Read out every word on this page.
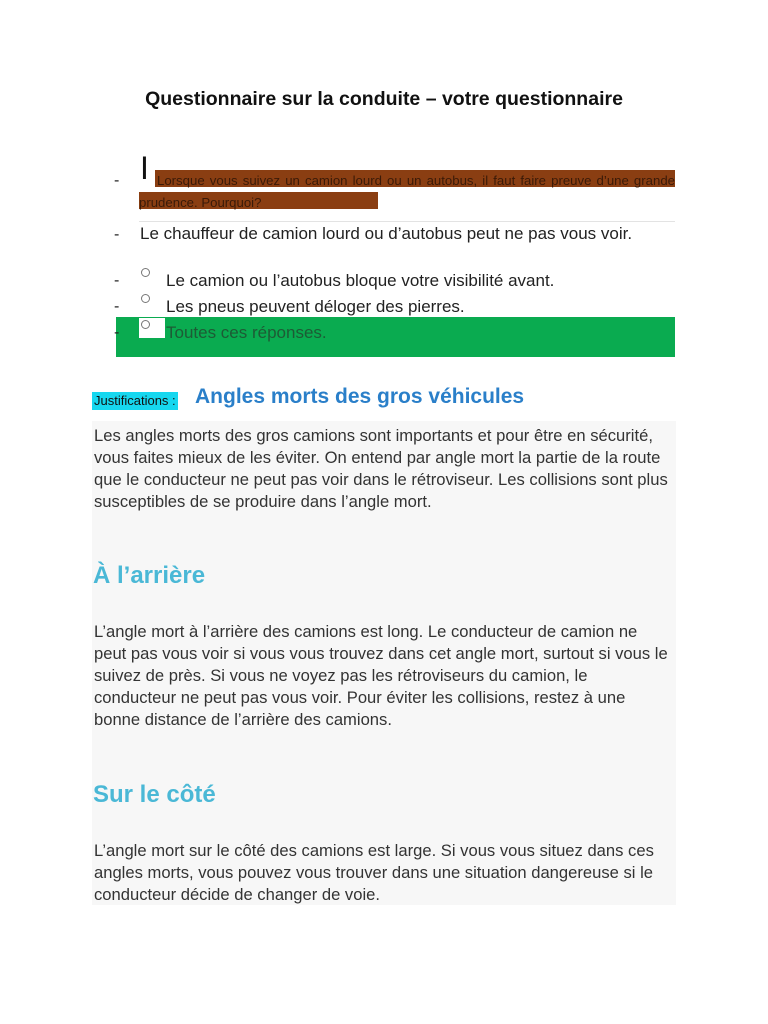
Questionnaire sur la conduite – votre questionnaire
- I Lorsque vous suivez un camion lourd ou un autobus, il faut faire preuve d’une grande prudence. Pourquoi?
- Le chauffeur de camion lourd ou d’autobus peut ne pas vous voir.
-	Le camion ou l’autobus bloque votre visibilité avant.
-	Les pneus peuvent déloger des pierres.
-	Toutes ces réponses.
Justifications : Angles morts des gros véhicules
Les angles morts des gros camions sont importants et pour être en sécurité, vous faites mieux de les éviter. On entend par angle mort la partie de la route que le conducteur ne peut pas voir dans le rétroviseur. Les collisions sont plus susceptibles de se produire dans l’angle mort.
À l’arrière
L’angle mort à l’arrière des camions est long. Le conducteur de camion ne peut pas vous voir si vous vous trouvez dans cet angle mort, surtout si vous le suivez de près. Si vous ne voyez pas les rétroviseurs du camion, le conducteur ne peut pas vous voir. Pour éviter les collisions, restez à une bonne distance de l’arrière des camions.
Sur le côté
L’angle mort sur le côté des camions est large. Si vous vous situez dans ces angles morts, vous pouvez vous trouver dans une situation dangereuse si le conducteur décide de changer de voie.
